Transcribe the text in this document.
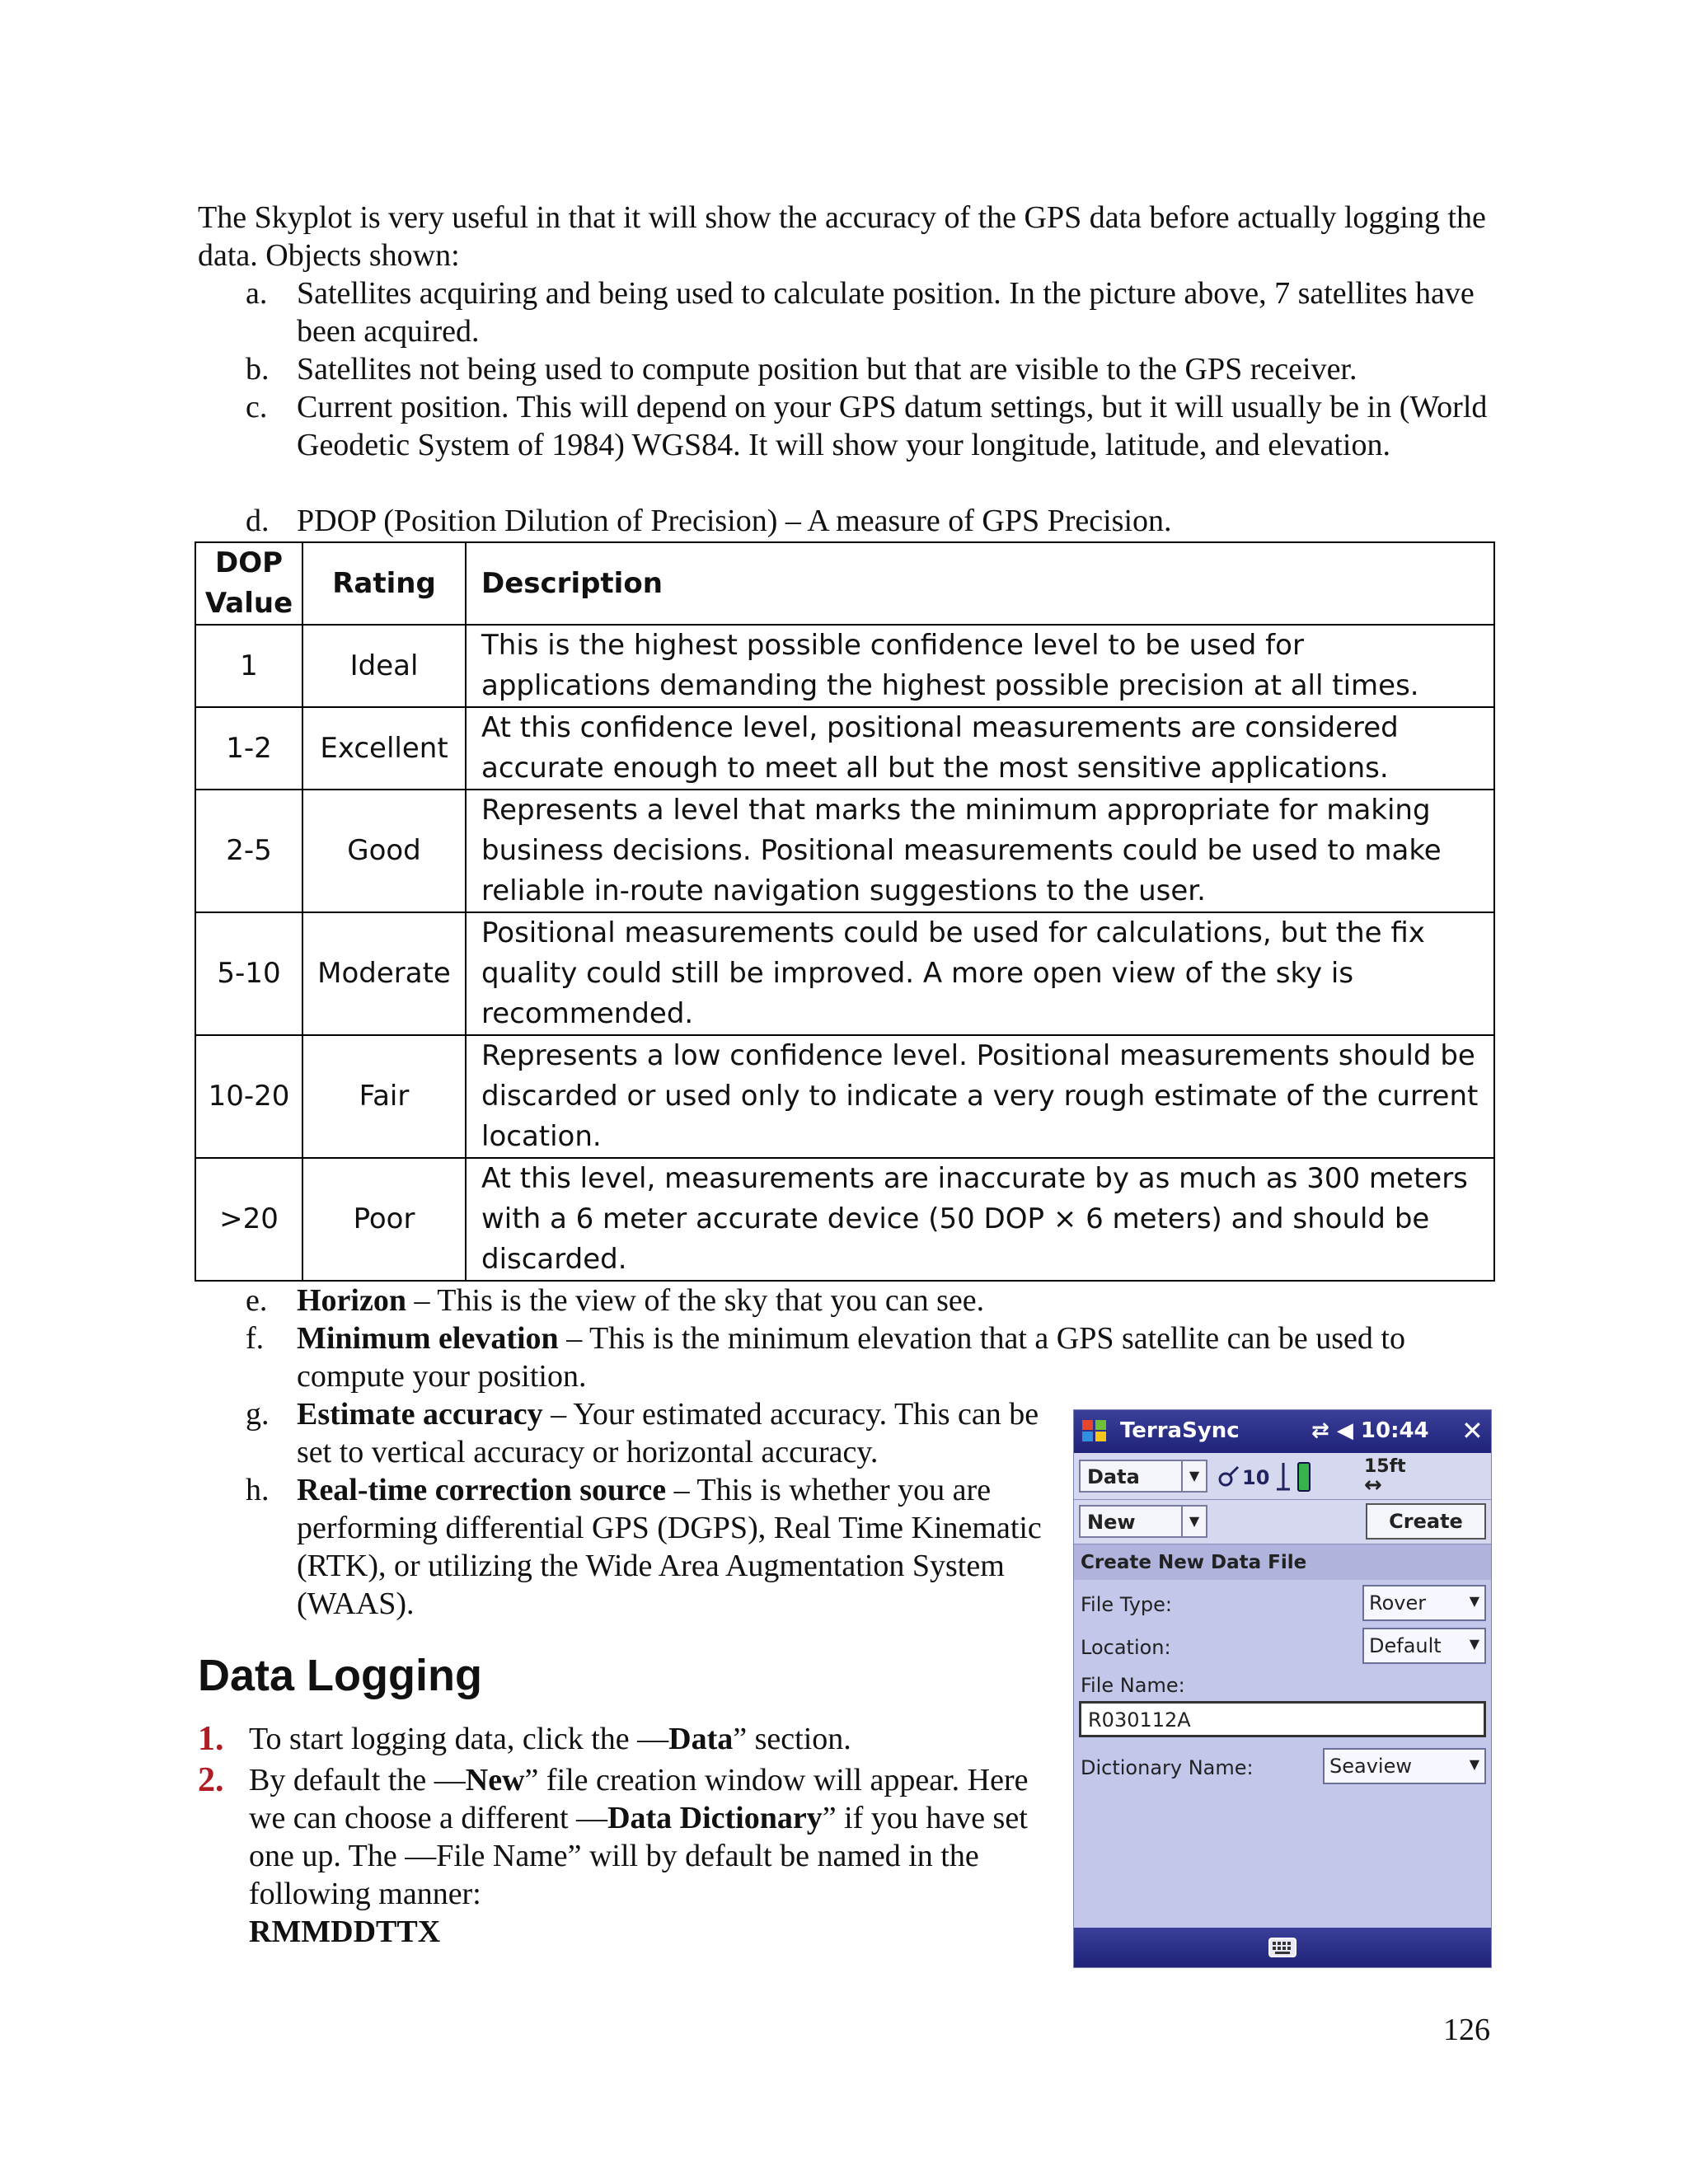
The Skyplot is very useful in that it will show the accuracy of the GPS data before actually logging the data. Objects shown:
a. Satellites acquiring and being used to calculate position. In the picture above, 7 satellites have been acquired.
b. Satellites not being used to compute position but that are visible to the GPS receiver.
c. Current position. This will depend on your GPS datum settings, but it will usually be in (World Geodetic System of 1984) WGS84. It will show your longitude, latitude, and elevation.
d. PDOP (Position Dilution of Precision) – A measure of GPS Precision.
DOP Value	Rating	Description
1	Ideal	This is the highest possible confidence level to be used for applications demanding the highest possible precision at all times.
1-2	Excellent	At this confidence level, positional measurements are considered accurate enough to meet all but the most sensitive applications.
2-5	Good	Represents a level that marks the minimum appropriate for making business decisions. Positional measurements could be used to make reliable in-route navigation suggestions to the user.
5-10	Moderate	Positional measurements could be used for calculations, but the fix quality could still be improved. A more open view of the sky is recommended.
10-20	Fair	Represents a low confidence level. Positional measurements should be discarded or used only to indicate a very rough estimate of the current location.
>20	Poor	At this level, measurements are inaccurate by as much as 300 meters with a 6 meter accurate device (50 DOP × 6 meters) and should be discarded.
e. Horizon – This is the view of the sky that you can see.
f. Minimum elevation – This is the minimum elevation that a GPS satellite can be used to compute your position.
g. Estimate accuracy – Your estimated accuracy. This can be set to vertical accuracy or horizontal accuracy.
h. Real-time correction source – This is whether you are performing differential GPS (DGPS), Real Time Kinematic (RTK), or utilizing the Wide Area Augmentation System (WAAS).
Data Logging
1. To start logging data, click the ―Data” section.
2. By default the ―New” file creation window will appear. Here we can choose a different ―Data Dictionary” if you have set one up. The ―File Name” will by default be named in the following manner:
RMMDDTTX
126
TerraSync	⇄ ◀ 10:44 ✕
Data	▼	10	15ft
↔
New	▼	Create
Create New Data File
File Type:	Rover	▼
Location:	Default ▼
File Name:
R030112A
Dictionary Name:	Seaview	▼
